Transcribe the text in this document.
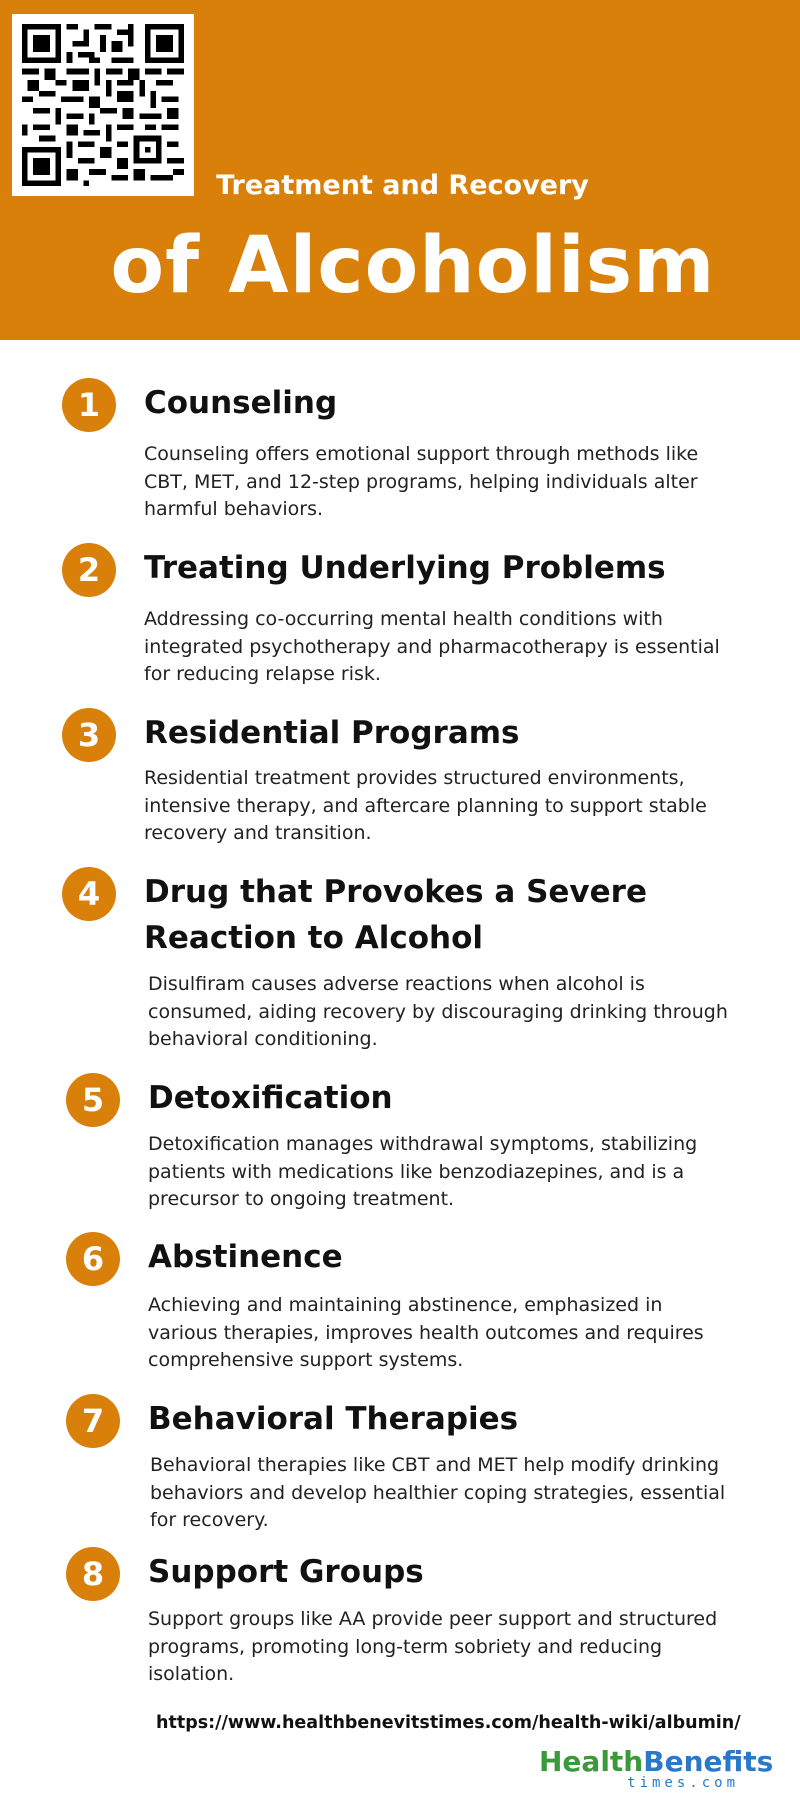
Treatment and Recovery
of Alcoholism
1	Counseling
Counseling offers emotional support through methods like CBT, MET, and 12-step programs, helping individuals alter harmful behaviors.
2	Treating Underlying Problems
Addressing co-occurring mental health conditions with integrated psychotherapy and pharmacotherapy is essential for reducing relapse risk.
3	Residential Programs
Residential treatment provides structured environments, intensive therapy, and aftercare planning to support stable recovery and transition.
4	Drug that Provokes a Severe Reaction to Alcohol
Disulfiram causes adverse reactions when alcohol is consumed, aiding recovery by discouraging drinking through behavioral conditioning.
5	Detoxification
Detoxification manages withdrawal symptoms, stabilizing patients with medications like benzodiazepines, and is a precursor to ongoing treatment.
6	Abstinence
Achieving and maintaining abstinence, emphasized in various therapies, improves health outcomes and requires comprehensive support systems.
7	Behavioral Therapies
Behavioral therapies like CBT and MET help modify drinking behaviors and develop healthier coping strategies, essential for recovery.
8	Support Groups
Support groups like AA provide peer support and structured programs, promoting long-term sobriety and reducing isolation.
https://www.healthbenevitstimes.com/health-wiki/albumin/
HealthBenefits
times.com
